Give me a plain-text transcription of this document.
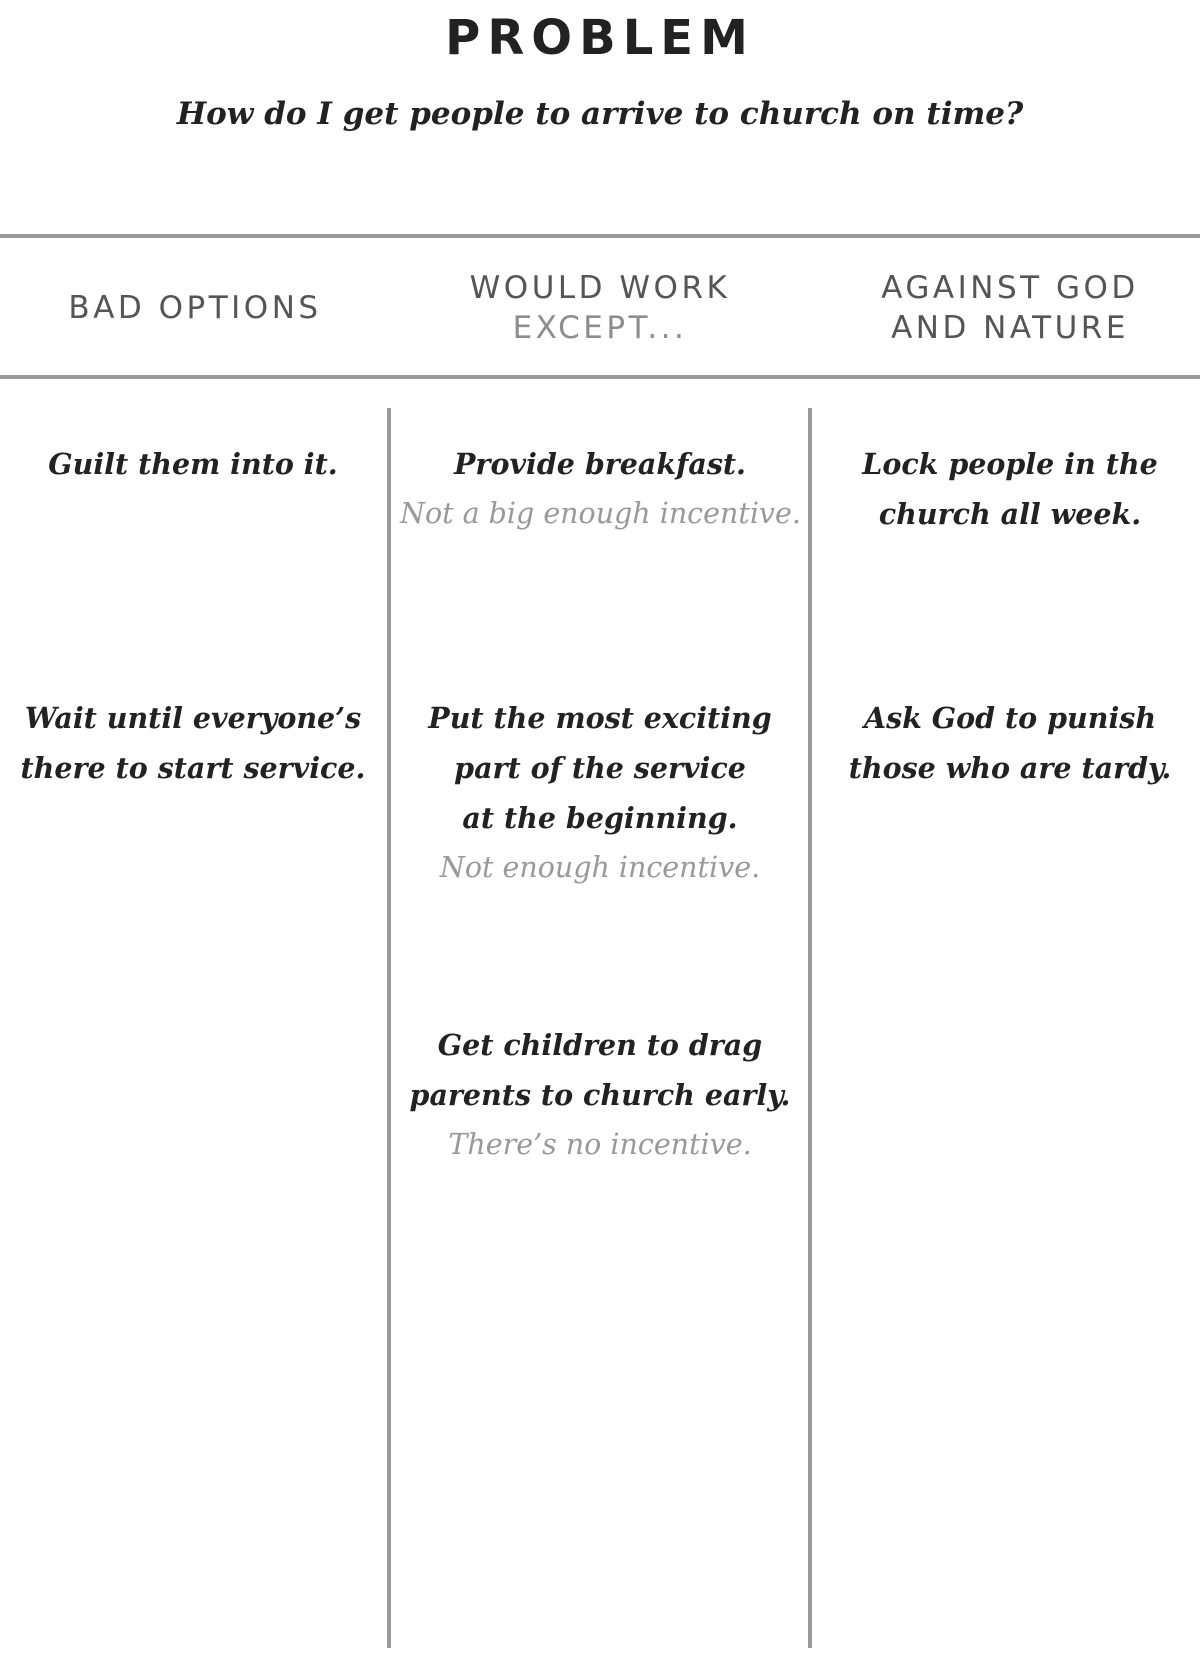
PROBLEM

How do I get people to arrive to church on time?

BAD OPTIONS
WOULD WORK
EXCEPT...
AGAINST GOD
AND NATURE
Guilt them into it.
Wait until everyone’s
there to start service.
Provide breakfast.
Not a big enough incentive.
Put the most exciting
part of the service
at the beginning.
Not enough incentive.
Get children to drag
parents to church early.
There’s no incentive.
Lock people in the
church all week.
Ask God to punish
those who are tardy.
